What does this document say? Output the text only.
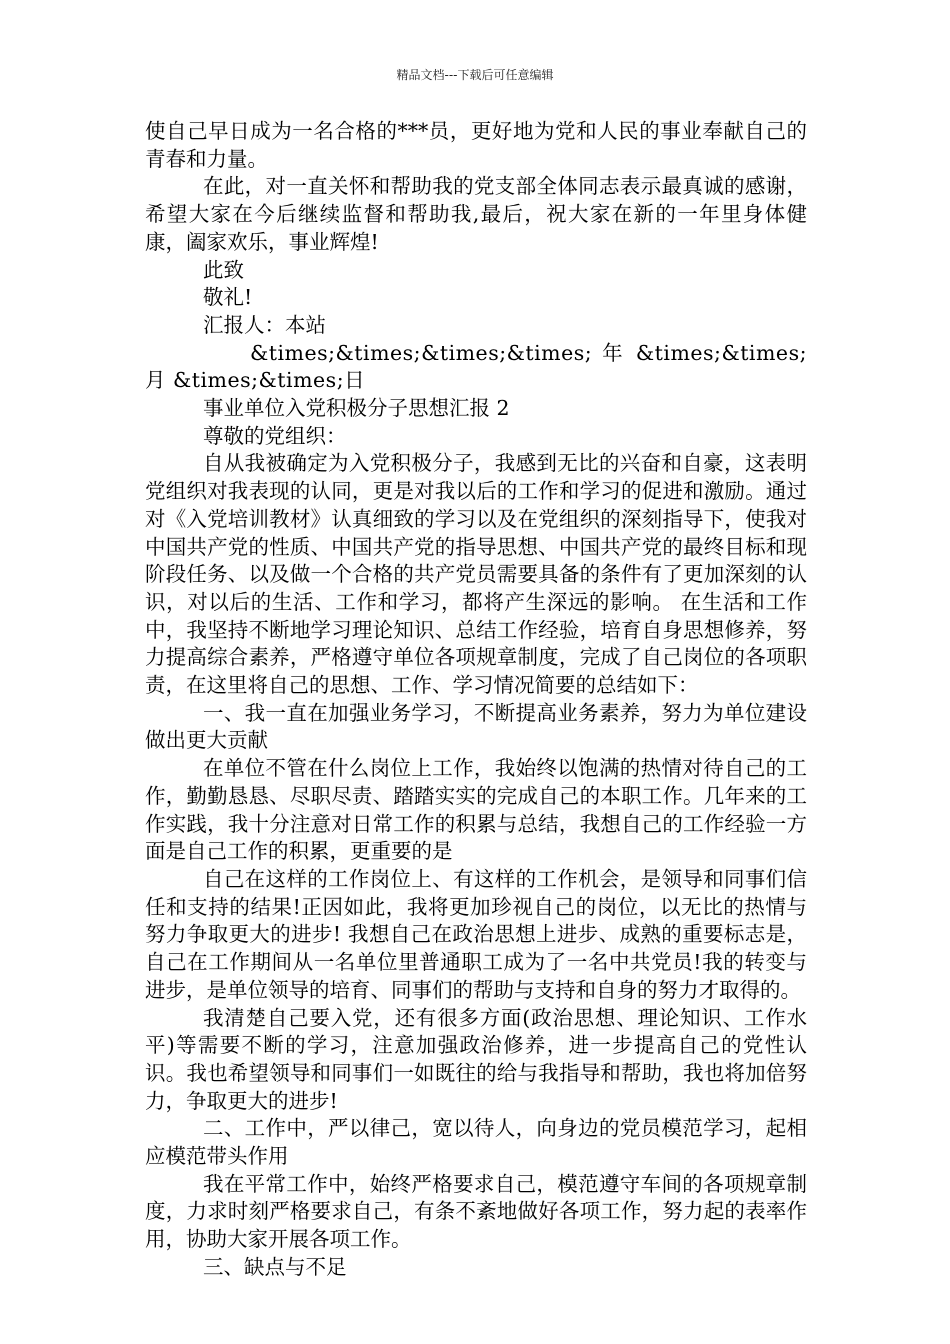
精品文档---下载后可任意编辑

使自己早日成为一名合格的***员，更好地为党和人民的事业奉献自己的青春和力量。

在此，对一直关怀和帮助我的党支部全体同志表示最真诚的感谢，希望大家在今后继续监督和帮助我,最后，祝大家在新的一年里身体健康，阖家欢乐，事业辉煌!

此致

敬礼!

汇报人：本站

&times;&times;&times;&times; 年 &times;&times; 月 &times;&times;日

事业单位入党积极分子思想汇报 2

尊敬的党组织：

自从我被确定为入党积极分子，我感到无比的兴奋和自豪，这表明党组织对我表现的认同，更是对我以后的工作和学习的促进和激励。通过对《入党培训教材》认真细致的学习以及在党组织的深刻指导下，使我对中国共产党的性质、中国共产党的指导思想、中国共产党的最终目标和现阶段任务、以及做一个合格的共产党员需要具备的条件有了更加深刻的认识，对以后的生活、工作和学习，都将产生深远的影响。 在生活和工作中，我坚持不断地学习理论知识、总结工作经验，培育自身思想修养，努力提高综合素养，严格遵守单位各项规章制度，完成了自己岗位的各项职责，在这里将自己的思想、工作、学习情况简要的总结如下：

一、我一直在加强业务学习，不断提高业务素养，努力为单位建设做出更大贡献

在单位不管在什么岗位上工作，我始终以饱满的热情对待自己的工作，勤勤恳恳、尽职尽责、踏踏实实的完成自己的本职工作。几年来的工作实践，我十分注意对日常工作的积累与总结，我想自己的工作经验一方面是自己工作的积累，更重要的是

自己在这样的工作岗位上、有这样的工作机会，是领导和同事们信任和支持的结果!正因如此，我将更加珍视自己的岗位，以无比的热情与努力争取更大的进步! 我想自己在政治思想上进步、成熟的重要标志是，自己在工作期间从一名单位里普通职工成为了一名中共党员!我的转变与进步，是单位领导的培育、同事们的帮助与支持和自身的努力才取得的。

我清楚自己要入党，还有很多方面(政治思想、理论知识、工作水平)等需要不断的学习，注意加强政治修养，进一步提高自己的党性认识。我也希望领导和同事们一如既往的给与我指导和帮助，我也将加倍努力，争取更大的进步!

二、工作中，严以律己，宽以待人，向身边的党员模范学习，起相应模范带头作用

我在平常工作中，始终严格要求自己，模范遵守车间的各项规章制度，力求时刻严格要求自己，有条不紊地做好各项工作，努力起的表率作用，协助大家开展各项工作。

三、缺点与不足
